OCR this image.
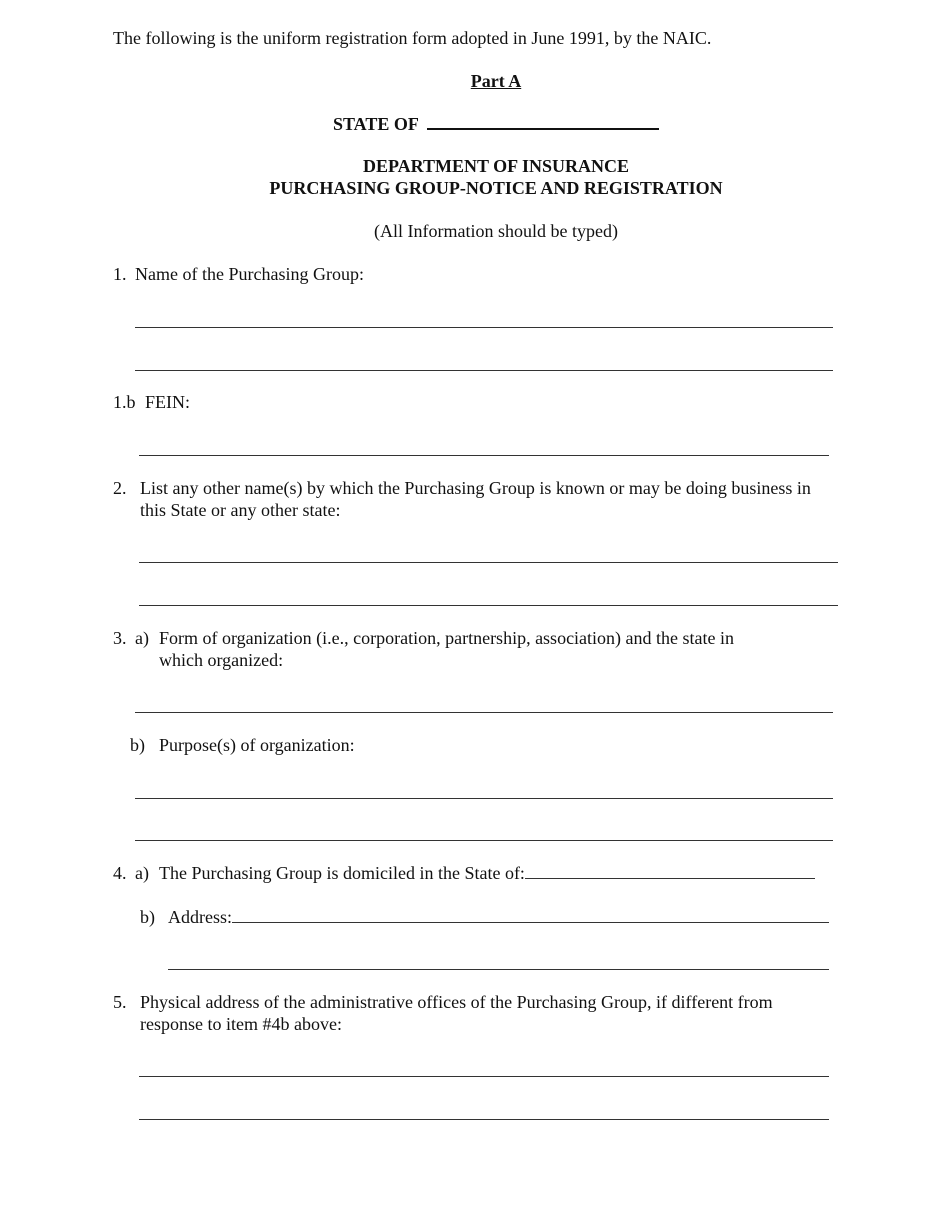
The following is the uniform registration form adopted in June 1991, by the NAIC.
Part A
STATE OF
DEPARTMENT OF INSURANCE
PURCHASING GROUP-NOTICE AND REGISTRATION
(All Information should be typed)
1. Name of the Purchasing Group:
1.b FEIN:
2. List any other name(s) by which the Purchasing Group is known or may be doing business in
this State or any other state:
3. a) Form of organization (i.e., corporation, partnership, association) and the state in
which organized:
b) Purpose(s) of organization:
4. a) The Purchasing Group is domiciled in the State of:
b) Address:
5. Physical address of the administrative offices of the Purchasing Group, if different from
response to item #4b above:
